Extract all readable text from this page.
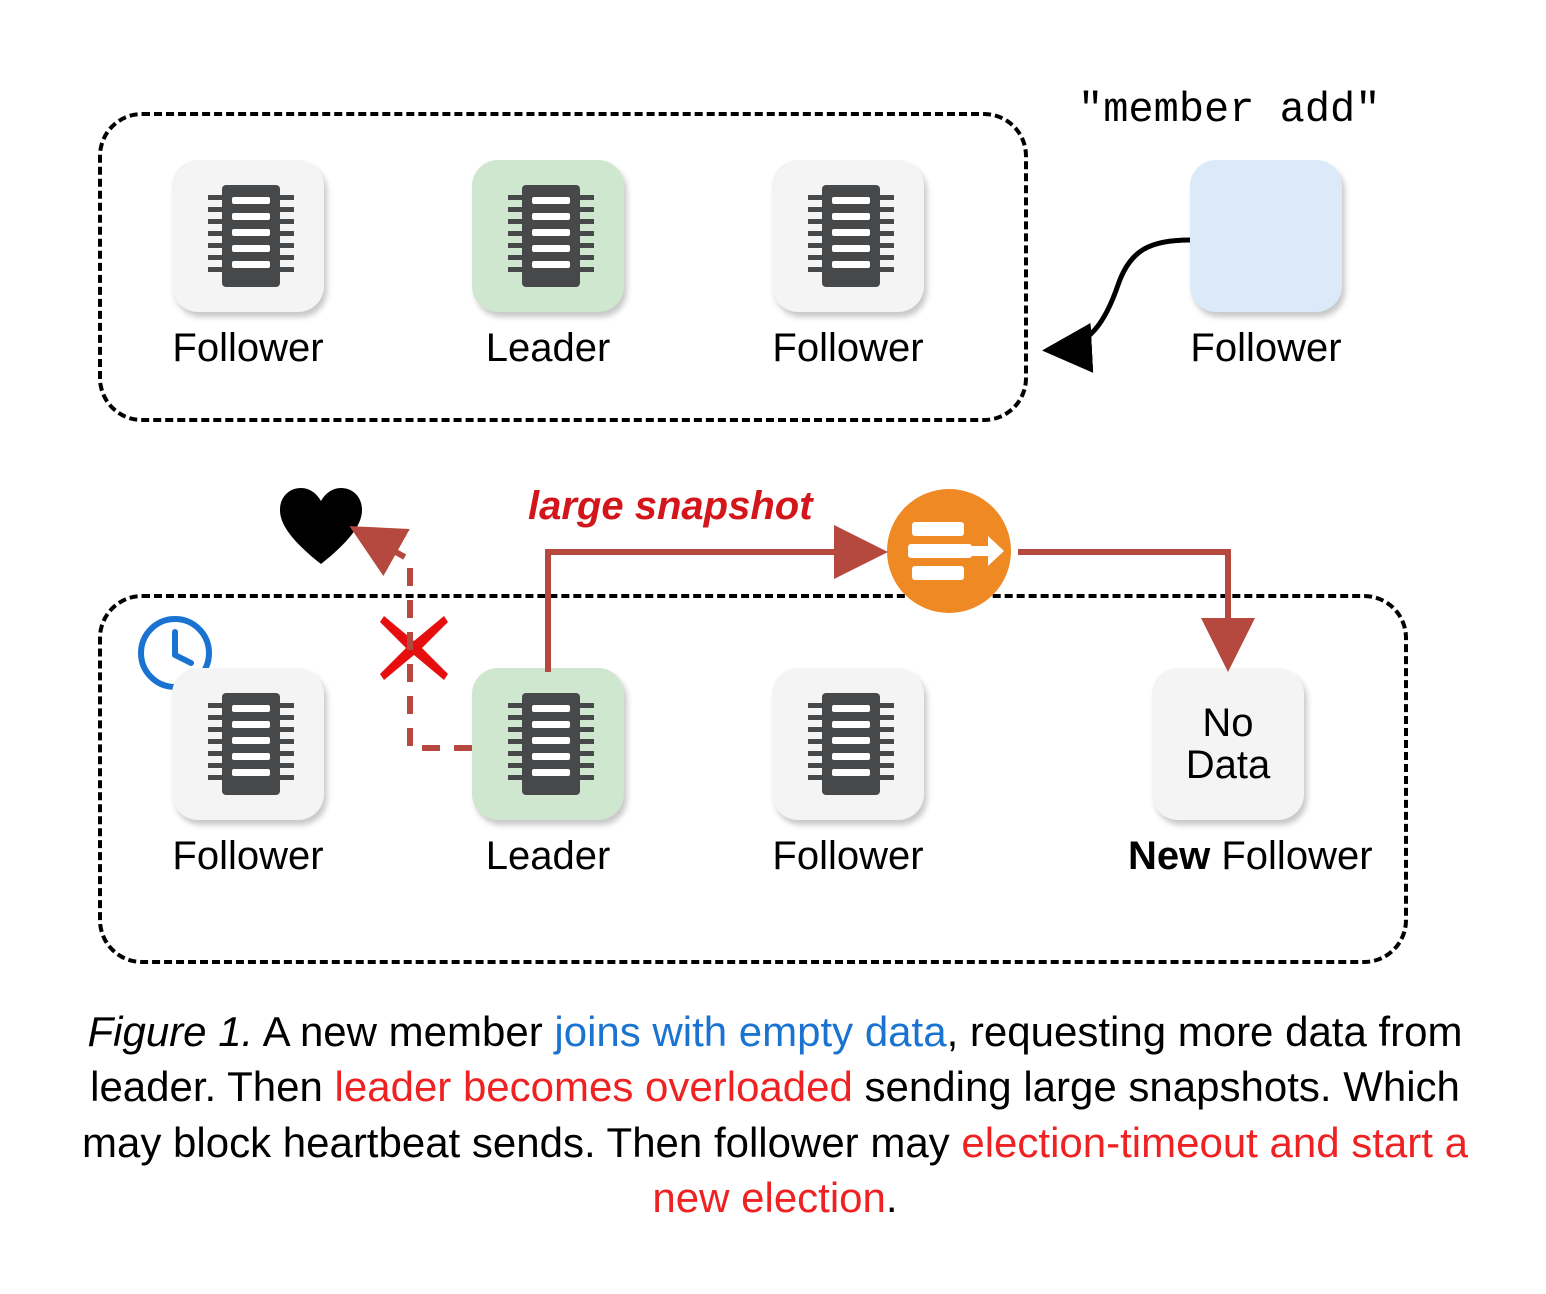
"member add"
Follower	Leader	Follower	Follower
large snapshot
Follower	Leader	Follower
No
Data
New Follower
Figure 1. A new member joins with empty data, requesting more data from leader. Then leader becomes overloaded sending large snapshots. Which may block heartbeat sends. Then follower may election-timeout and start a new election.
